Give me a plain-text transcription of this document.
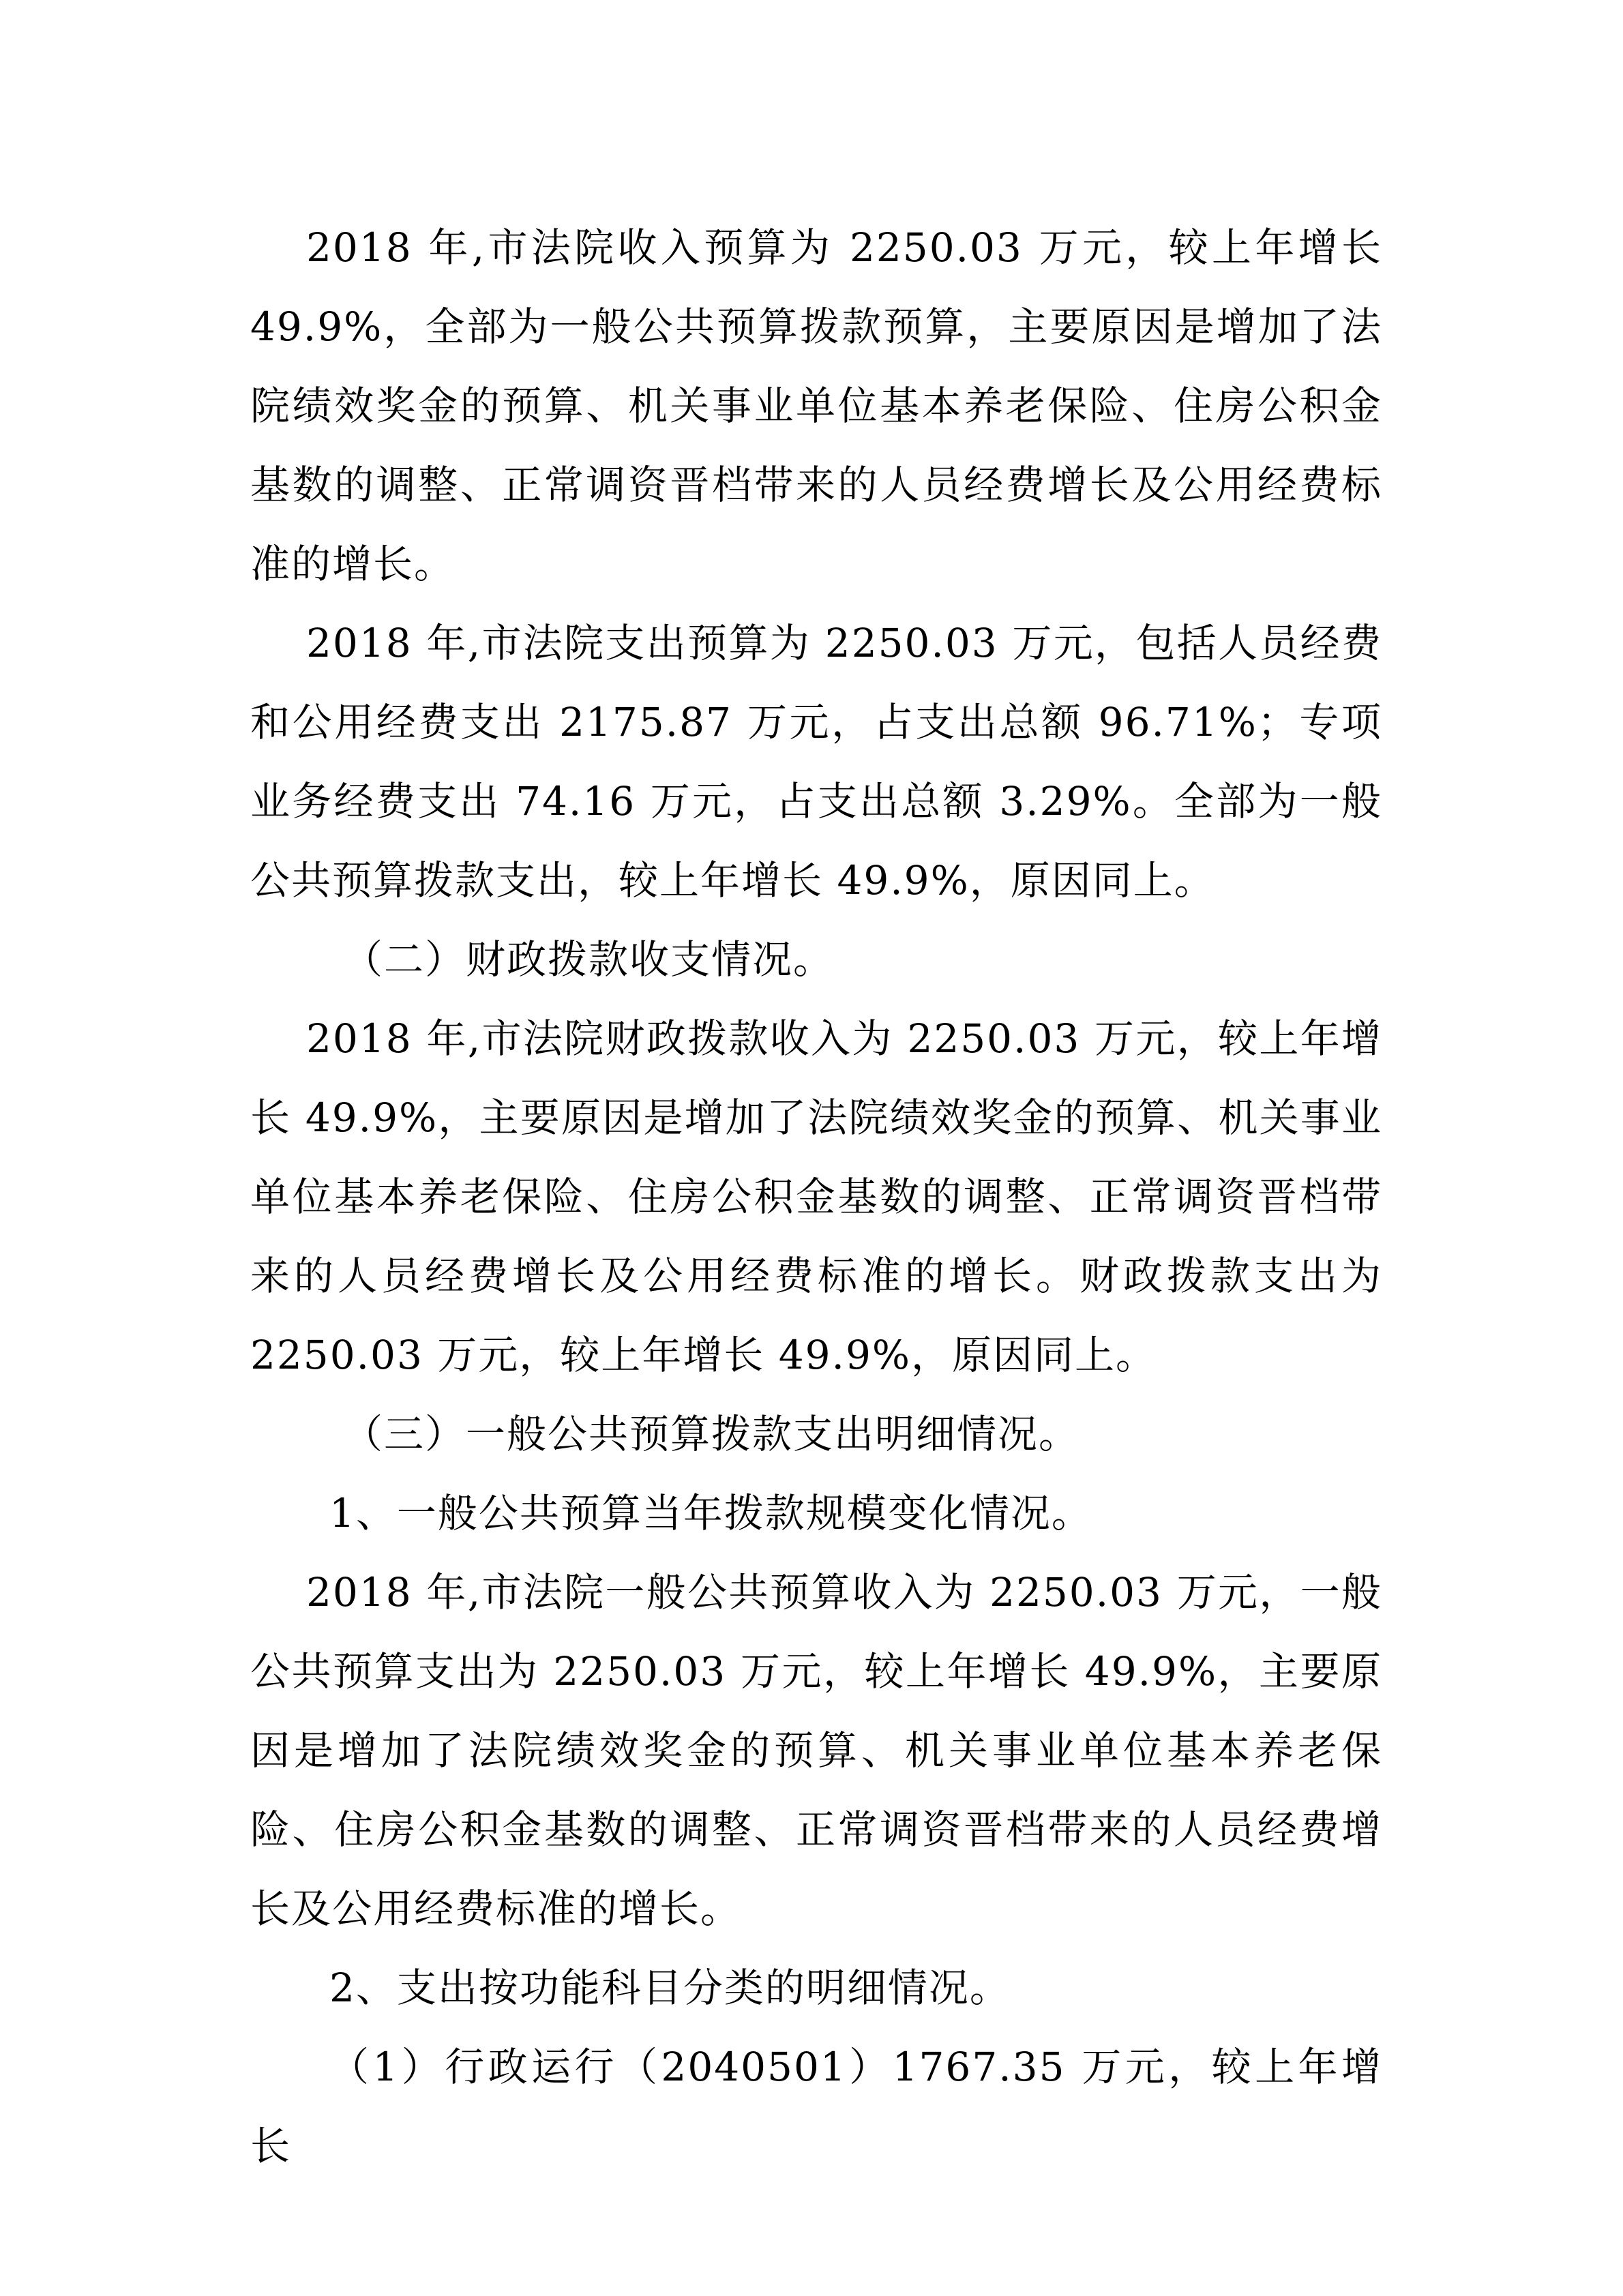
2018 年,市法院收入预算为 2250.03 万元，较上年增长 49.9%，全部为一般公共预算拨款预算，主要原因是增加了法院绩效奖金的预算、机关事业单位基本养老保险、住房公积金基数的调整、正常调资晋档带来的人员经费增长及公用经费标准的增长。

2018 年,市法院支出预算为 2250.03 万元，包括人员经费和公用经费支出 2175.87 万元，占支出总额 96.71%；专项业务经费支出 74.16 万元，占支出总额 3.29%。全部为一般公共预算拨款支出，较上年增长 49.9%，原因同上。

（二）财政拨款收支情况。

2018 年,市法院财政拨款收入为 2250.03 万元，较上年增长 49.9%，主要原因是增加了法院绩效奖金的预算、机关事业单位基本养老保险、住房公积金基数的调整、正常调资晋档带来的人员经费增长及公用经费标准的增长。财政拨款支出为 2250.03 万元，较上年增长 49.9%，原因同上。

（三）一般公共预算拨款支出明细情况。

1、一般公共预算当年拨款规模变化情况。

2018 年,市法院一般公共预算收入为 2250.03 万元，一般公共预算支出为 2250.03 万元，较上年增长 49.9%，主要原因是增加了法院绩效奖金的预算、机关事业单位基本养老保险、住房公积金基数的调整、正常调资晋档带来的人员经费增长及公用经费标准的增长。

2、支出按功能科目分类的明细情况。

（1）行政运行（2040501）1767.35 万元，较上年增长
